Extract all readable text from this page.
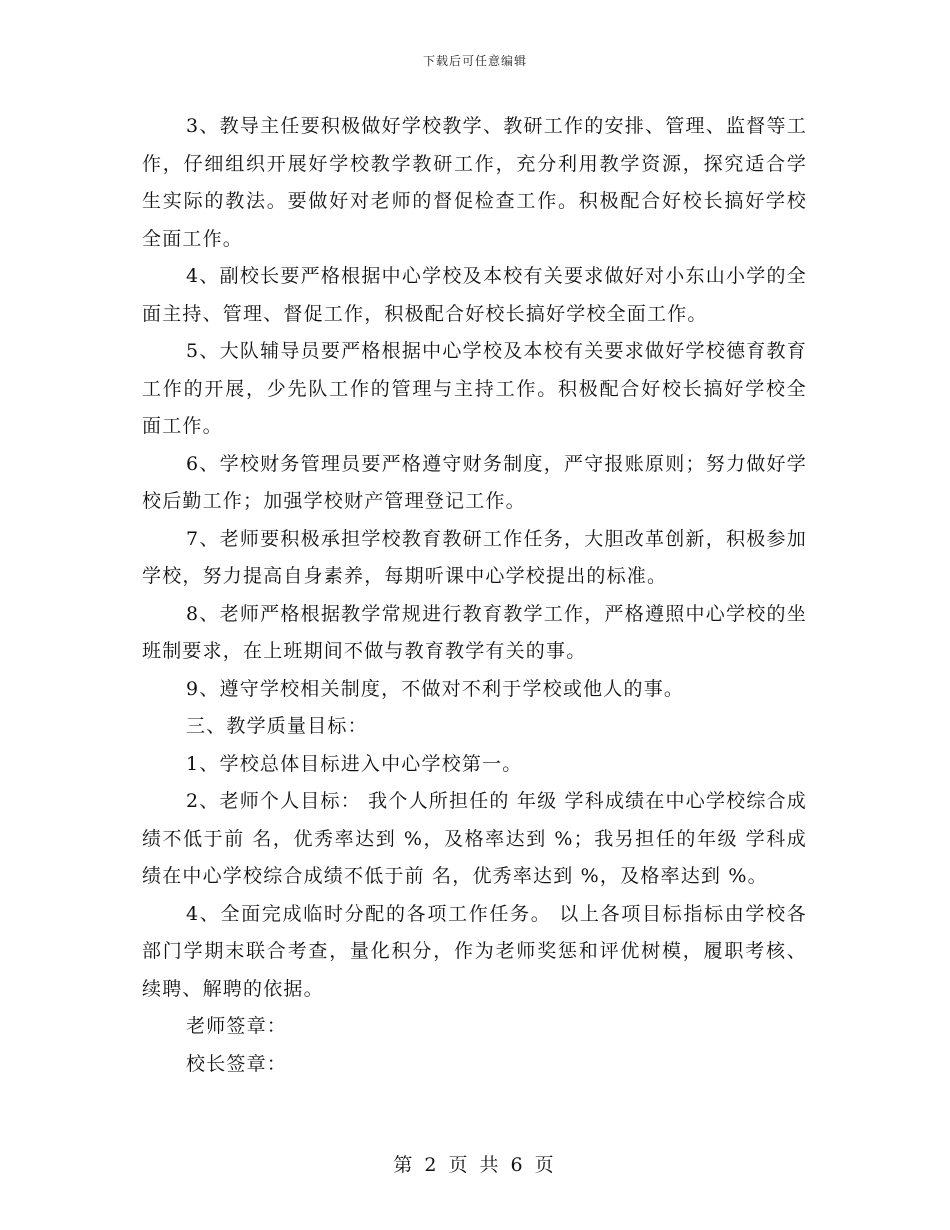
下载后可任意编辑

3、教导主任要积极做好学校教学、教研工作的安排、管理、监督等工作，仔细组织开展好学校教学教研工作，充分利用教学资源，探究适合学生实际的教法。要做好对老师的督促检查工作。积极配合好校长搞好学校全面工作。

4、副校长要严格根据中心学校及本校有关要求做好对小东山小学的全面主持、管理、督促工作，积极配合好校长搞好学校全面工作。

5、大队辅导员要严格根据中心学校及本校有关要求做好学校德育教育工作的开展，少先队工作的管理与主持工作。积极配合好校长搞好学校全面工作。

6、学校财务管理员要严格遵守财务制度，严守报账原则；努力做好学校后勤工作；加强学校财产管理登记工作。

7、老师要积极承担学校教育教研工作任务，大胆改革创新，积极参加学校，努力提高自身素养，每期听课中心学校提出的标准。

8、老师严格根据教学常规进行教育教学工作，严格遵照中心学校的坐班制要求，在上班期间不做与教育教学有关的事。

9、遵守学校相关制度，不做对不利于学校或他人的事。

三、教学质量目标：

1、学校总体目标进入中心学校第一。

2、老师个人目标： 我个人所担任的 年级 学科成绩在中心学校综合成绩不低于前 名，优秀率达到 %，及格率达到 %；我另担任的年级 学科成绩在中心学校综合成绩不低于前 名，优秀率达到 %，及格率达到 %。

4、全面完成临时分配的各项工作任务。 以上各项目标指标由学校各部门学期末联合考查，量化积分，作为老师奖惩和评优树模，履职考核、续聘、解聘的依据。

老师签章：

校长签章：

第 2 页 共 6 页
